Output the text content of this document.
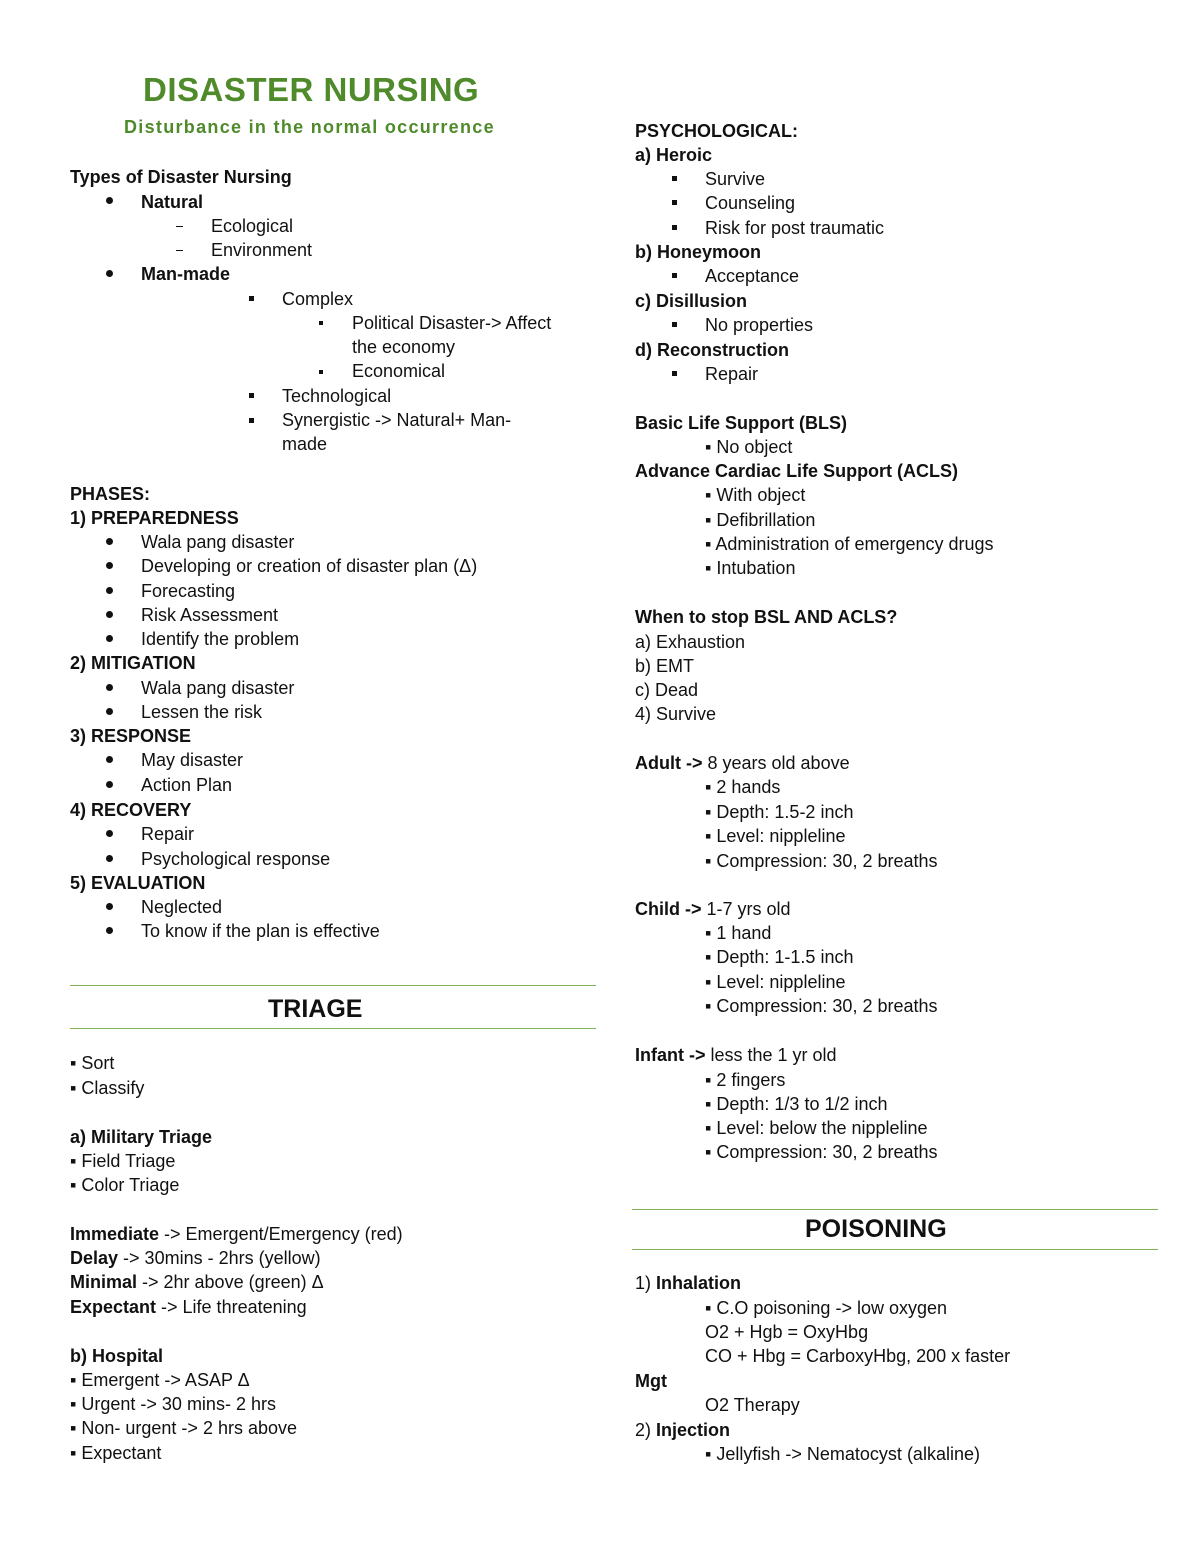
DISASTER NURSING
Disturbance in the normal occurrence
Types of Disaster Nursing
Natural
Ecological
Environment
Man-made
Complex
Political Disaster-> Affect the economy
Economical
Technological
Synergistic -> Natural+ Man-made
PHASES:
1) PREPAREDNESS
Wala pang disaster
Developing or creation of disaster plan (Δ)
Forecasting
Risk Assessment
Identify the problem
2) MITIGATION
Wala pang disaster
Lessen the risk
3) RESPONSE
May disaster
Action Plan
4) RECOVERY
Repair
Psychological response
5) EVALUATION
Neglected
To know if the plan is effective
TRIAGE
▪ Sort
▪ Classify
a) Military Triage
▪ Field Triage
▪ Color Triage
Immediate -> Emergent/Emergency (red)
Delay -> 30mins - 2hrs (yellow)
Minimal -> 2hr above (green) Δ
Expectant -> Life threatening
b) Hospital
▪ Emergent -> ASAP Δ
▪ Urgent -> 30 mins- 2 hrs
▪ Non- urgent -> 2 hrs above
▪ Expectant
PSYCHOLOGICAL:
a) Heroic
Survive
Counseling
Risk for post traumatic
b) Honeymoon
Acceptance
c) Disillusion
No properties
d) Reconstruction
Repair
Basic Life Support (BLS)
▪ No object
Advance Cardiac Life Support (ACLS)
▪ With object
▪ Defibrillation
▪ Administration of emergency drugs
▪ Intubation
When to stop BSL AND ACLS?
a) Exhaustion
b) EMT
c) Dead
4) Survive
Adult -> 8 years old above
▪ 2 hands
▪ Depth: 1.5-2 inch
▪ Level: nippleline
▪ Compression: 30, 2 breaths
Child -> 1-7 yrs old
▪ 1 hand
▪ Depth: 1-1.5 inch
▪ Level: nippleline
▪ Compression: 30, 2 breaths
Infant -> less the 1 yr old
▪ 2 fingers
▪ Depth: 1/3 to 1/2 inch
▪ Level: below the nippleline
▪ Compression: 30, 2 breaths
POISONING
1) Inhalation
▪ C.O poisoning -> low oxygen
O2 + Hgb = OxyHbg
CO + Hbg = CarboxyHbg, 200 x faster
Mgt
O2 Therapy
2) Injection
▪ Jellyfish -> Nematocyst (alkaline)
